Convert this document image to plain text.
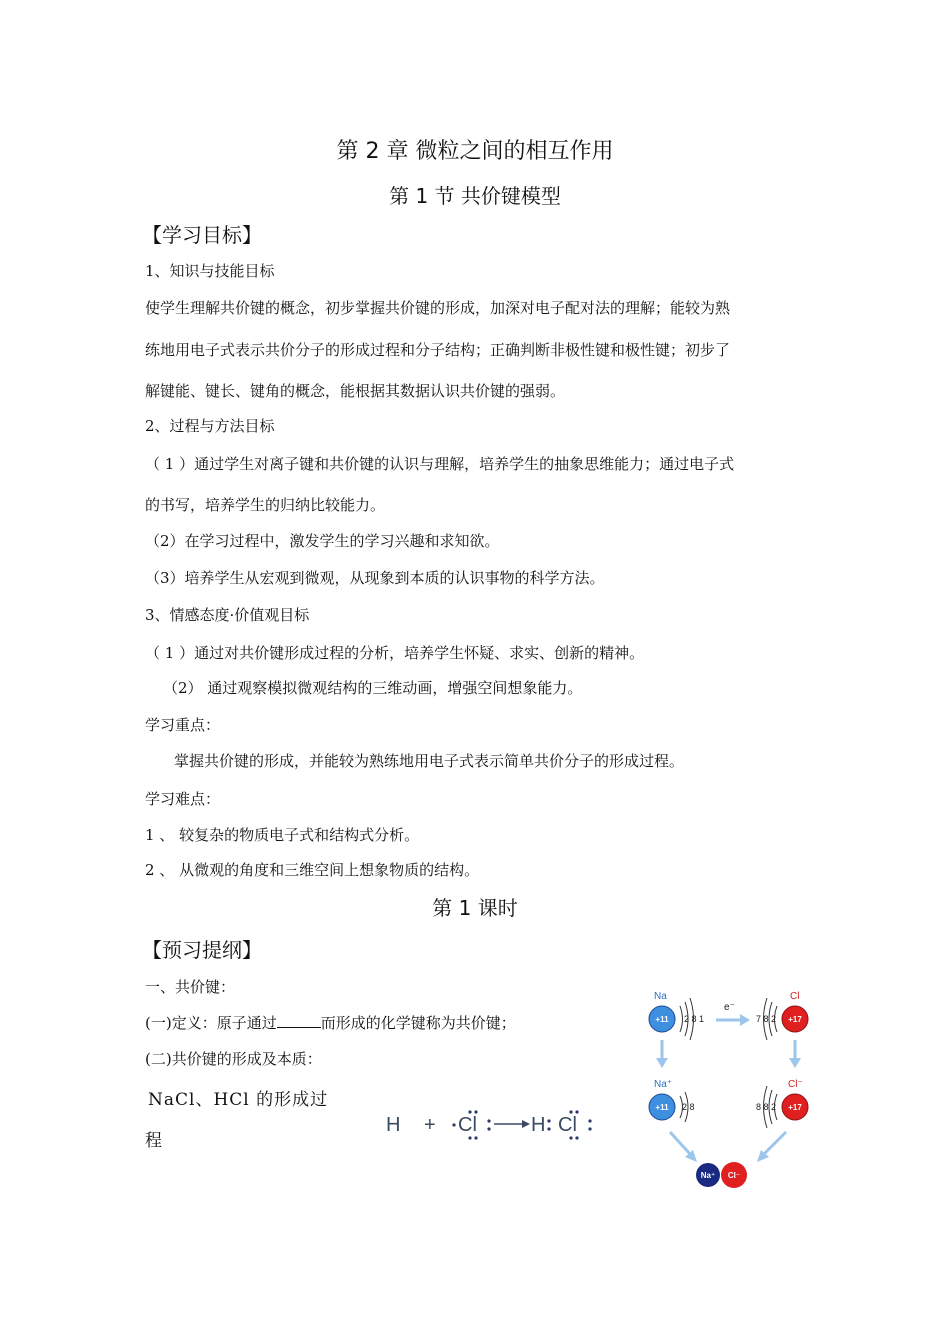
第 2 章 微粒之间的相互作用
第 1 节 共价键模型
【学习目标】
1、知识与技能目标
使学生理解共价键的概念，初步掌握共价键的形成，加深对电子配对法的理解；能较为熟
练地用电子式表示共价分子的形成过程和分子结构；正确判断非极性键和极性键；初步了
解键能、键长、键角的概念，能根据其数据认识共价键的强弱。
2、过程与方法目标
（ 1 ）通过学生对离子键和共价键的认识与理解，培养学生的抽象思维能力；通过电子式
的书写，培养学生的归纳比较能力。
（2）在学习过程中，激发学生的学习兴趣和求知欲。
（3）培养学生从宏观到微观，从现象到本质的认识事物的科学方法。
3、情感态度·价值观目标
（ 1 ）通过对共价键形成过程的分析，培养学生怀疑、求实、创新的精神。
（2） 通过观察模拟微观结构的三维动画，增强空间想象能力。
学习重点：
掌握共价键的形成，并能较为熟练地用电子式表示简单共价分子的形成过程。
学习难点：
1 、 较复杂的物质电子式和结构式分析。
2 、 从微观的角度和三维空间上想象物质的结构。
第 1 课时
【预习提纲】
一、共价键：
(一)定义：原子通过	而形成的化学键称为共价键；
(二)共价键的形成及本质：
NaCl、HCl 的形成过
程
H + Cl	H Cl
Na
+11 2 8 1
e⁻
Cl
+17
7 8 2
Na⁺
+11 2 8
Cl⁻
+17
8 8 2
Na⁺ Cl⁻
